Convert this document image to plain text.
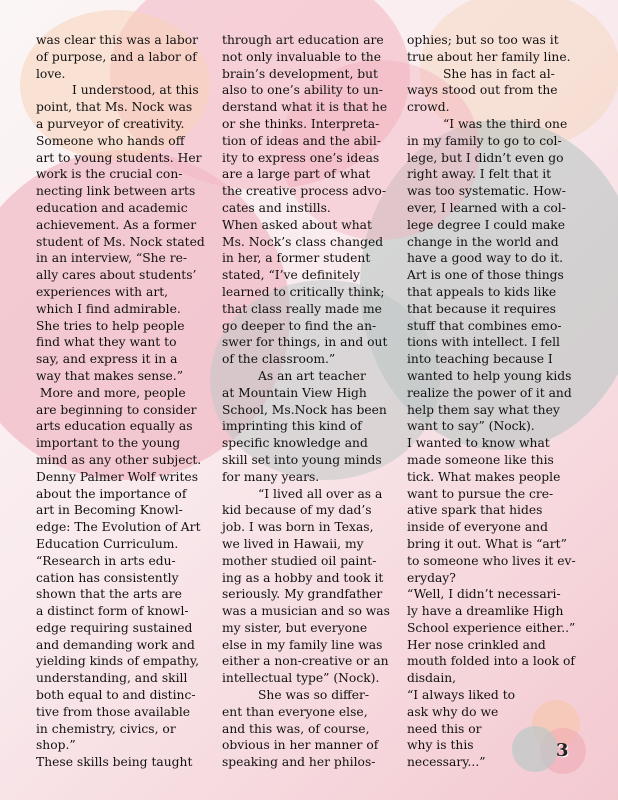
was clear this was a labor
of purpose, and a labor of
love.

I understood, at this
point, that Ms. Nock was
a purveyor of creativity.
Someone who hands off
art to young students. Her
work is the crucial con-
necting link between arts
education and academic
achievement. As a former
student of Ms. Nock stated
in an interview, “She re-
ally cares about students’
experiences with art,
which I find admirable.
She tries to help people
find what they want to
say, and express it in a
way that makes sense.”

More and more, people
are beginning to consider
arts education equally as
important to the young
mind as any other subject.
Denny Palmer Wolf writes
about the importance of
art in Becoming Knowl-
edge: The Evolution of Art
Education Curriculum.
“Research in arts edu-
cation has consistently
shown that the arts are
a distinct form of knowl-
edge requiring sustained
and demanding work and
yielding kinds of empathy,
understanding, and skill
both equal to and distinc-
tive from those available
in chemistry, civics, or
shop.”
These skills being taught

through art education are
not only invaluable to the
brain’s development, but
also to one’s ability to un-
derstand what it is that he
or she thinks. Interpreta-
tion of ideas and the abil-
ity to express one’s ideas
are a large part of what
the creative process advo-
cates and instills.
When asked about what
Ms. Nock’s class changed
in her, a former student
stated, “I’ve definitely
learned to critically think;
that class really made me
go deeper to find the an-
swer for things, in and out
of the classroom.”

As an art teacher
at Mountain View High
School, Ms.Nock has been
imprinting this kind of
specific knowledge and
skill set into young minds
for many years.

“I lived all over as a
kid because of my dad’s
job. I was born in Texas,
we lived in Hawaii, my
mother studied oil paint-
ing as a hobby and took it
seriously. My grandfather
was a musician and so was
my sister, but everyone
else in my family line was
either a non-creative or an
intellectual type” (Nock).

She was so differ-
ent than everyone else,
and this was, of course,
obvious in her manner of
speaking and her philos-

ophies; but so too was it
true about her family line.

She has in fact al-
ways stood out from the
crowd.

“I was the third one
in my family to go to col-
lege, but I didn’t even go
right away. I felt that it
was too systematic. How-
ever, I learned with a col-
lege degree I could make
change in the world and
have a good way to do it.
Art is one of those things
that appeals to kids like
that because it requires
stuff that combines emo-
tions with intellect. I fell
into teaching because I
wanted to help young kids
realize the power of it and
help them say what they
want to say” (Nock).
I wanted to know what
made someone like this
tick. What makes people
want to pursue the cre-
ative spark that hides
inside of everyone and
bring it out. What is “art”
to someone who lives it ev-
eryday?
“Well, I didn’t necessari-
ly have a dreamlike High
School experience either..”
Her nose crinkled and
mouth folded into a look of
disdain,
“I always liked to
ask why do we
need this or
why is this
necessary...”

3
